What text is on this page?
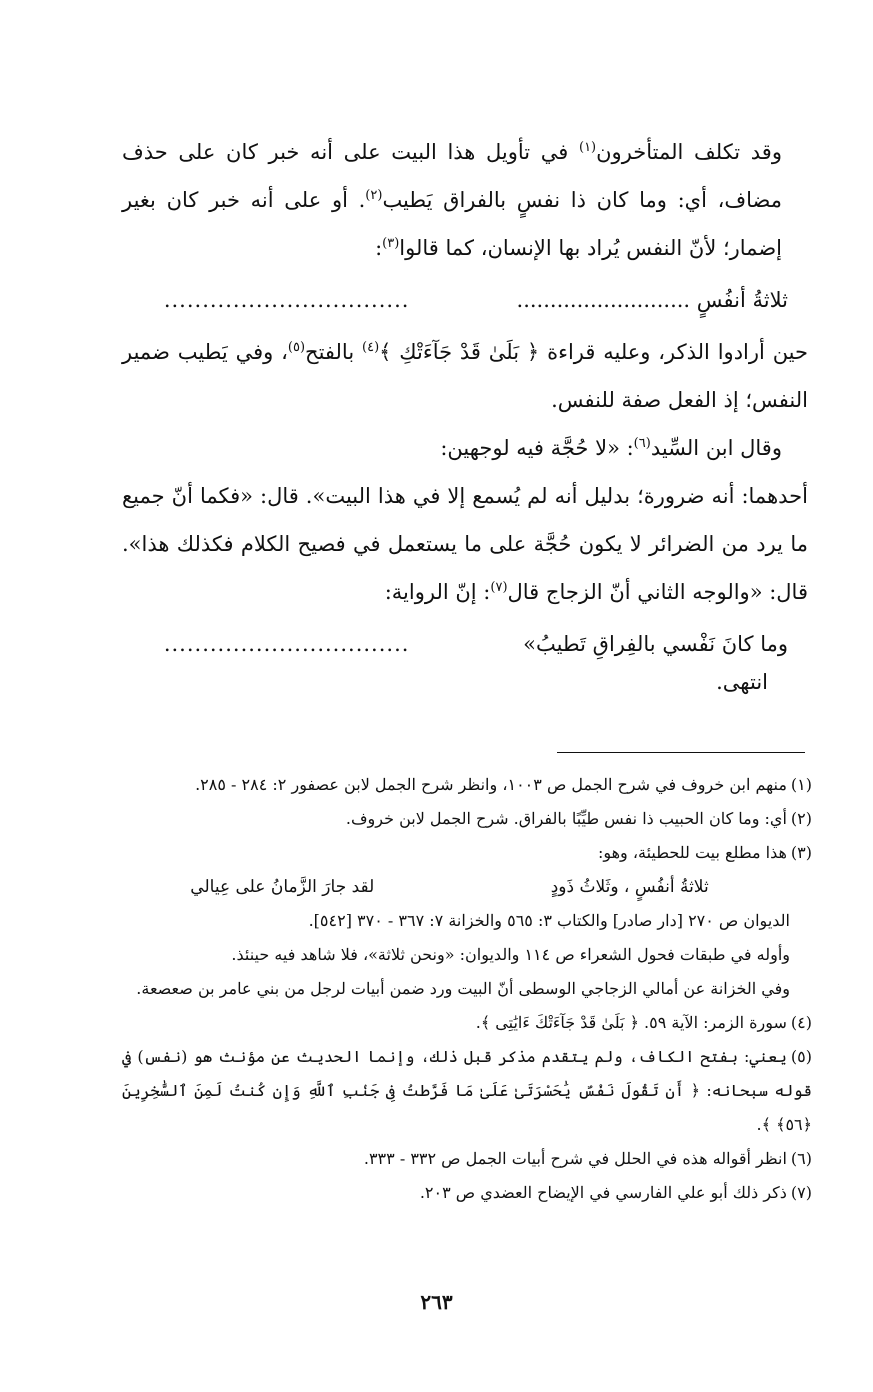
وقد تكلف المتأخرون$^{(١)}$ في تأويل هذا البيت على أنه خبر كان على حذف مضاف، أي: وما كان ذا نفسٍ بالفراق يَطيب$^{(٢)}$. أو على أنه خبر كان بغير إضمار؛ لأنّ النفس يُراد بها الإنسان، كما قالوا$^{(٣)}$:

ثلاثةُ أنفُسٍ ..........................
................................

حين أرادوا الذكر، وعليه قراءة ﴿ بَلَىٰ قَدْ جَآءَتْكِ ﴾$^{(٤)}$ بالفتح$^{(٥)}$، وفي يَطيب ضمير النفس؛ إذ الفعل صفة للنفس.

وقال ابن السِّيد$^{(٦)}$: «لا حُجَّة فيه لوجهين:

أحدهما: أنه ضرورة؛ بدليل أنه لم يُسمع إلا في هذا البيت». قال: «فكما أنّ جميع ما يرد من الضرائر لا يكون حُجَّة على ما يستعمل في فصيح الكلام فكذلك هذا». قال: «والوجه الثاني أنّ الزجاج قال$^{(٧)}$: إنّ الرواية:

وما كانَ نَفْسي بالفِراقِ تَطيبُ»
................................

انتهى.

(١)منهم ابن خروف في شرح الجمل ص ١٠٠٣، وانظر شرح الجمل لابن عصفور ٢: ٢٨٤ - ٢٨٥.

(٢)أي: وما كان الحبيب ذا نفس طيِّبًا بالفراق. شرح الجمل لابن خروف.

(٣)هذا مطلع بيت للحطيئة، وهو:

ثلاثةُ أنفُسٍ ، وثَلاثُ ذَودٍ
لقد جارَ الزَّمانُ على عِيالي

الديوان ص ٢٧٠ [دار صادر] والكتاب ٣: ٥٦٥ والخزانة ٧: ٣٦٧ - ٣٧٠ [٥٤٢].

وأوله في طبقات فحول الشعراء ص ١١٤ والديوان: «ونحن ثلاثة»، فلا شاهد فيه حينئذ.

وفي الخزانة عن أمالي الزجاجي الوسطى أنّ البيت ورد ضمن أبيات لرجل من بني عامر بن صعصعة.

(٤)سورة الزمر: الآية ٥٩. ﴿ بَلَىٰ قَدْ جَآءَتْكَ ءَايَٰتِى ﴾.

(٥)يعني: بفتح الكاف، ولم يتقدم مذكر قبل ذلك، وإنما الحديث عن مؤنث هو (نفس) في قوله سبحانه: ﴿ أَن تَقُولَ نَفْسٌ يَٰحَسْرَتَىٰ عَلَىٰ مَا فَرَّطتُ فِى جَنۢبِ ٱللَّهِ وَإِن كُنتُ لَمِنَ ٱلسَّٰخِرِينَ ﴿٥٦﴾ ﴾.

(٦)انظر أقواله هذه في الحلل في شرح أبيات الجمل ص ٣٣٢ - ٣٣٣.

(٧)ذكر ذلك أبو علي الفارسي في الإيضاح العضدي ص ٢٠٣.

٢٦٣
